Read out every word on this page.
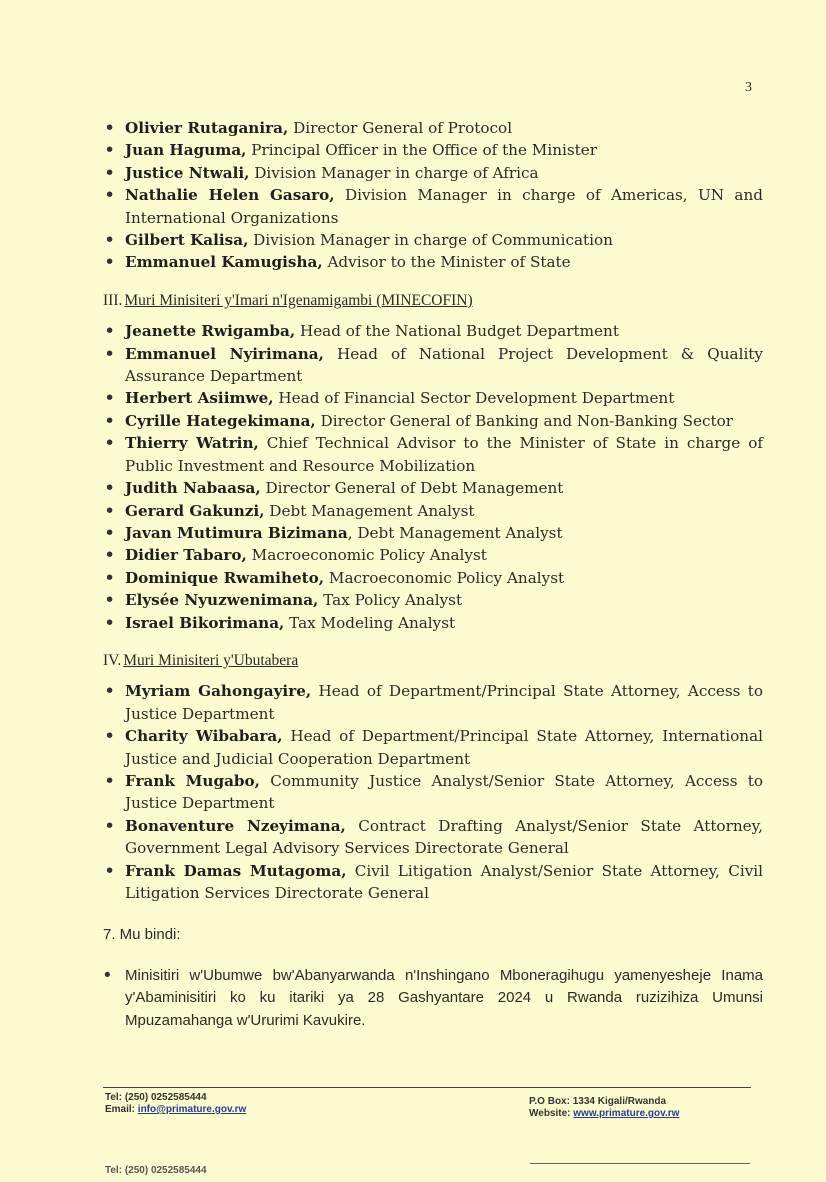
3
• Olivier Rutaganira, Director General of Protocol
• Juan Haguma, Principal Officer in the Office of the Minister
• Justice Ntwali, Division Manager in charge of Africa
• Nathalie Helen Gasaro, Division Manager in charge of Americas, UN and International Organizations
• Gilbert Kalisa, Division Manager in charge of Communication
• Emmanuel Kamugisha, Advisor to the Minister of State
III. Muri Minisiteri y'Imari n'Igenamigambi (MINECOFIN)
• Jeanette Rwigamba, Head of the National Budget Department
• Emmanuel Nyirimana, Head of National Project Development & Quality Assurance Department
• Herbert Asiimwe, Head of Financial Sector Development Department
• Cyrille Hategekimana, Director General of Banking and Non-Banking Sector
• Thierry Watrin, Chief Technical Advisor to the Minister of State in charge of Public Investment and Resource Mobilization
• Judith Nabaasa, Director General of Debt Management
• Gerard Gakunzi, Debt Management Analyst
• Javan Mutimura Bizimana, Debt Management Analyst
• Didier Tabaro, Macroeconomic Policy Analyst
• Dominique Rwamiheto, Macroeconomic Policy Analyst
• Elysée Nyuzwenimana, Tax Policy Analyst
• Israel Bikorimana, Tax Modeling Analyst
IV. Muri Minisiteri y'Ubutabera
• Myriam Gahongayire, Head of Department/Principal State Attorney, Access to Justice Department
• Charity Wibabara, Head of Department/Principal State Attorney, International Justice and Judicial Cooperation Department
• Frank Mugabo, Community Justice Analyst/Senior State Attorney, Access to Justice Department
• Bonaventure Nzeyimana, Contract Drafting Analyst/Senior State Attorney, Government Legal Advisory Services Directorate General
• Frank Damas Mutagoma, Civil Litigation Analyst/Senior State Attorney, Civil Litigation Services Directorate General
7. Mu bindi:
• Minisitiri w'Ubumwe bw'Abanyarwanda n'Inshingano Mboneragihugu yamenyesheje Inama y'Abaminisitiri ko ku itariki ya 28 Gashyantare 2024 u Rwanda ruzizihiza Umunsi Mpuzamahanga w'Ururimi Kavukire.
Tel: (250) 0252585444
Email: info@primature.gov.rw
P.O Box: 1334 Kigali/Rwanda
Website: www.primature.gov.rw
Tel: (250) 0252585444
